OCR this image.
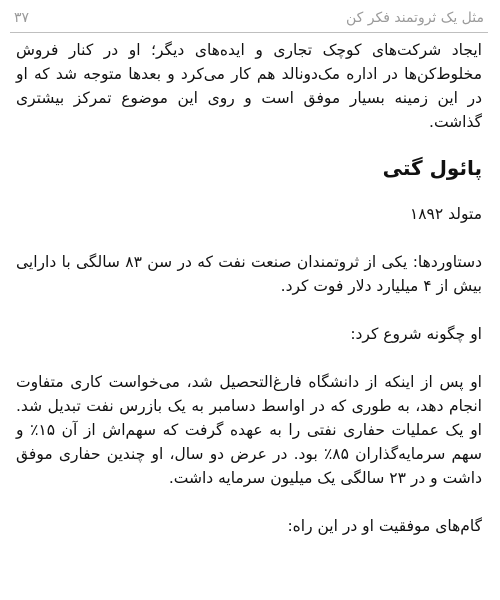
مثل یک ثروتمند فکر کن
۳۷

ایجاد شرکت‌های کوچک تجاری و ایده‌های دیگر؛ او در کنار فروش مخلوط‌کن‌ها در اداره مک‌دونالد هم کار می‌کرد و بعدها متوجه شد که او در این زمینه بسیار موفق است و روی این موضوع تمرکز بیشتری گذاشت.

پائول گتی

متولد ۱۸۹۲

دستاوردها: یکی از ثروتمندان صنعت نفت که در سن ۸۳ سالگی با دارایی بیش از ۴ میلیارد دلار فوت کرد.

او چگونه شروع کرد:

او پس از اینکه از دانشگاه فارغ‌التحصیل شد، می‌خواست کاری متفاوت انجام دهد، به طوری که در اواسط دسامبر به یک بازرس نفت تبدیل شد. او یک عملیات حفاری نفتی را به عهده گرفت که سهم‌اش از آن ۱۵٪ و سهم سرمایه‌گذاران ۸۵٪ بود. در عرض دو سال، او چندین حفاری موفق داشت و در ۲۳ سالگی یک میلیون سرمایه داشت.

گام‌های موفقیت او در این راه:
